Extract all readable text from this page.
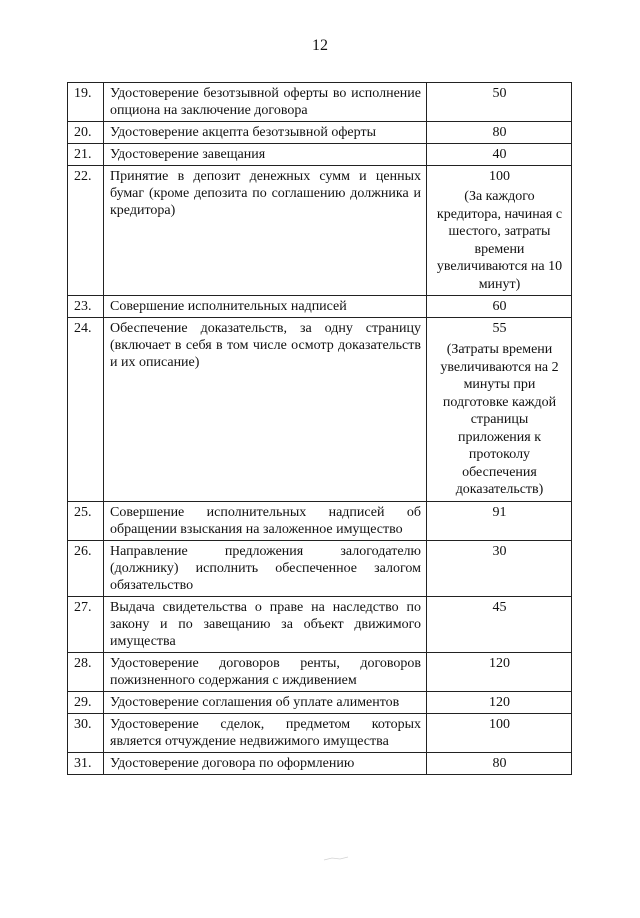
12
19.	Удостоверение безотзывной оферты во исполнение опциона на заключение договора	50
20.	Удостоверение акцепта безотзывной оферты	80
21.	Удостоверение завещания	40
22.	Принятие в депозит денежных сумм и ценных бумаг (кроме депозита по соглашению должника и кредитора)	100
(За каждого кредитора, начиная с шестого, затраты времени увеличиваются на 10 минут)

23.	Совершение исполнительных надписей	60
24.	Обеспечение доказательств, за одну страницу (включает в себя в том числе осмотр доказательств и их описание)	55
(Затраты времени увеличиваются на 2 минуты при подготовке каждой страницы приложения к протоколу обеспечения доказательств)

25.	Совершение исполнительных надписей об обращении взыскания на заложенное имущество	91
26.	Направление предложения залогодателю (должнику) исполнить обеспеченное залогом обязательство	30
27.	Выдача свидетельства о праве на наследство по закону и по завещанию за объект движимого имущества	45
28.	Удостоверение договоров ренты, договоров пожизненного содержания с иждивением	120
29.	Удостоверение соглашения об уплате алиментов	120
30.	Удостоверение сделок, предметом которых является отчуждение недвижимого имущества	100
31.	Удостоверение договора по оформлению	80
